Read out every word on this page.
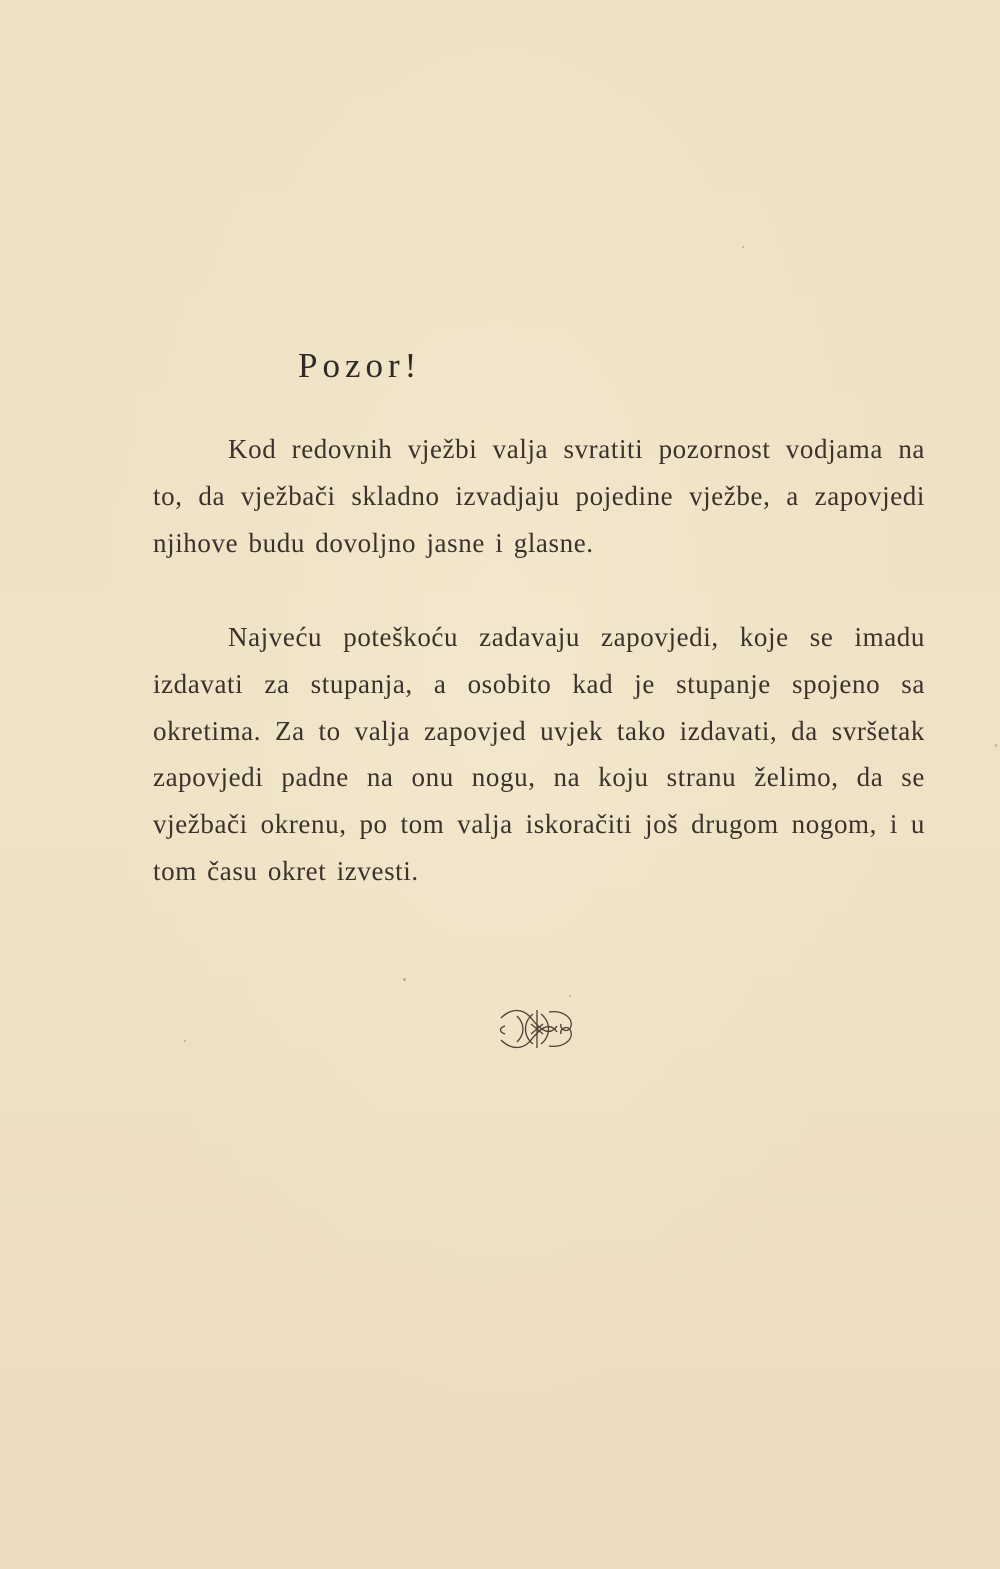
Pozor!

Kod redovnih vježbi valja svratiti pozornost vodjama na to, da vježbači skladno izvadjaju pojedine vježbe, a zapovjedi njihove budu dovoljno jasne i glasne.

Najveću poteškoću zadavaju zapovjedi, koje se imadu izdavati za stupanja, a osobito kad je stupanje spojeno sa okretima. Za to valja zapovjed uvjek tako izdavati, da svršetak zapovjedi padne na onu nogu, na koju stranu želimo, da se vježbači okrenu, po tom valja iskoračiti još drugom nogom, i u tom času okret izvesti.
